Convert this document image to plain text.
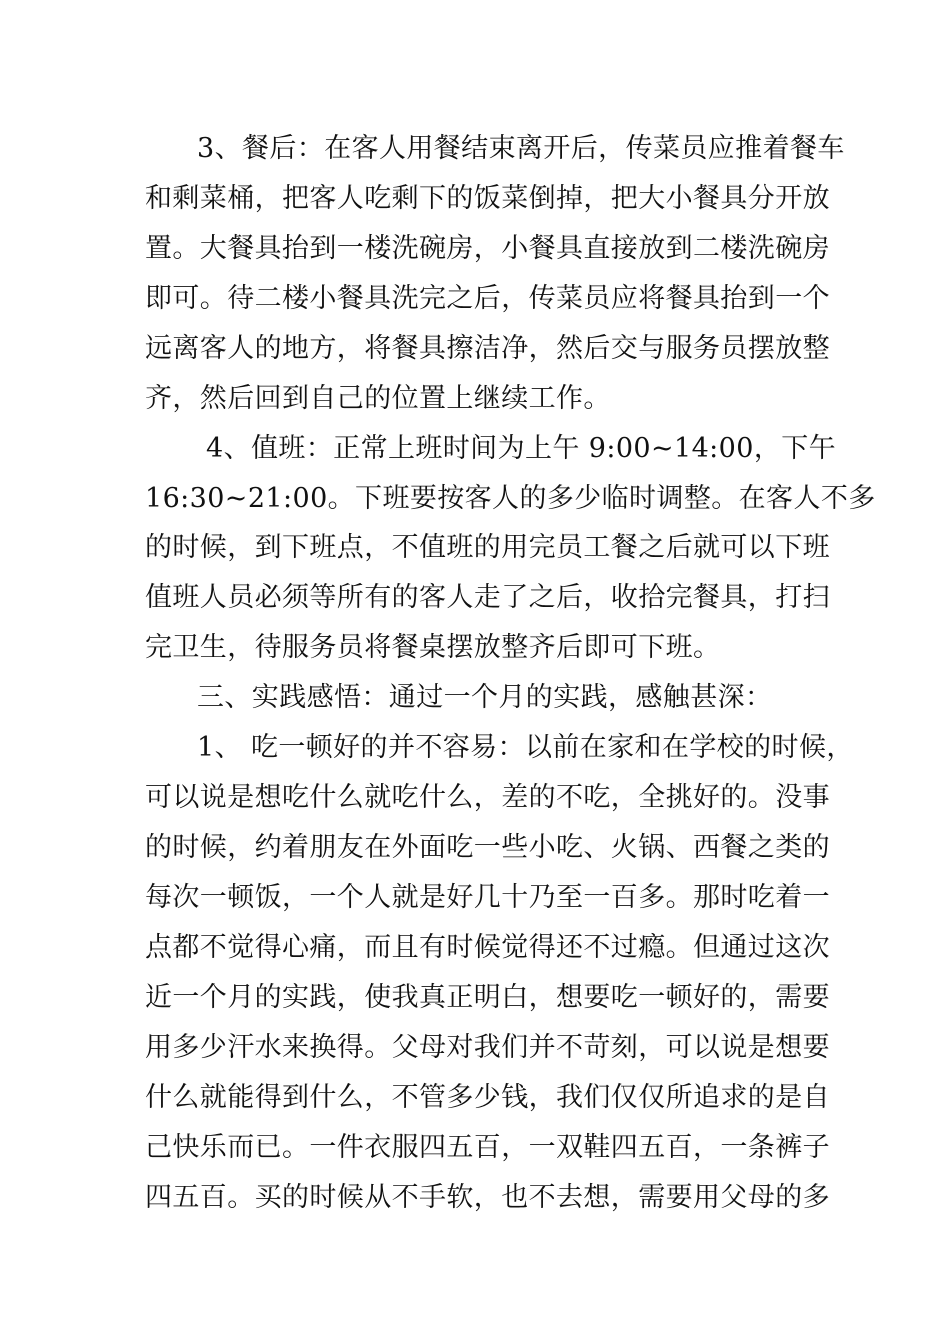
3、餐后：在客人用餐结束离开后，传菜员应推着餐车
和剩菜桶，把客人吃剩下的饭菜倒掉，把大小餐具分开放
置。大餐具抬到一楼洗碗房，小餐具直接放到二楼洗碗房
即可。待二楼小餐具洗完之后，传菜员应将餐具抬到一个
远离客人的地方，将餐具擦洁净，然后交与服务员摆放整
齐，然后回到自己的位置上继续工作。
4、值班：正常上班时间为上午 9:00~14:00，下午
16:30~21:00。下班要按客人的多少临时调整。在客人不多
的时候，到下班点，不值班的用完员工餐之后就可以下班
值班人员必须等所有的客人走了之后，收拾完餐具，打扫
完卫生，待服务员将餐桌摆放整齐后即可下班。
三、实践感悟：通过一个月的实践，感触甚深：
1、 吃一顿好的并不容易：以前在家和在学校的时候，
可以说是想吃什么就吃什么，差的不吃，全挑好的。没事
的时候，约着朋友在外面吃一些小吃、火锅、西餐之类的
每次一顿饭，一个人就是好几十乃至一百多。那时吃着一
点都不觉得心痛，而且有时候觉得还不过瘾。但通过这次
近一个月的实践，使我真正明白，想要吃一顿好的，需要
用多少汗水来换得。父母对我们并不苛刻，可以说是想要
什么就能得到什么，不管多少钱，我们仅仅所追求的是自
己快乐而已。一件衣服四五百，一双鞋四五百，一条裤子
四五百。买的时候从不手软，也不去想，需要用父母的多
